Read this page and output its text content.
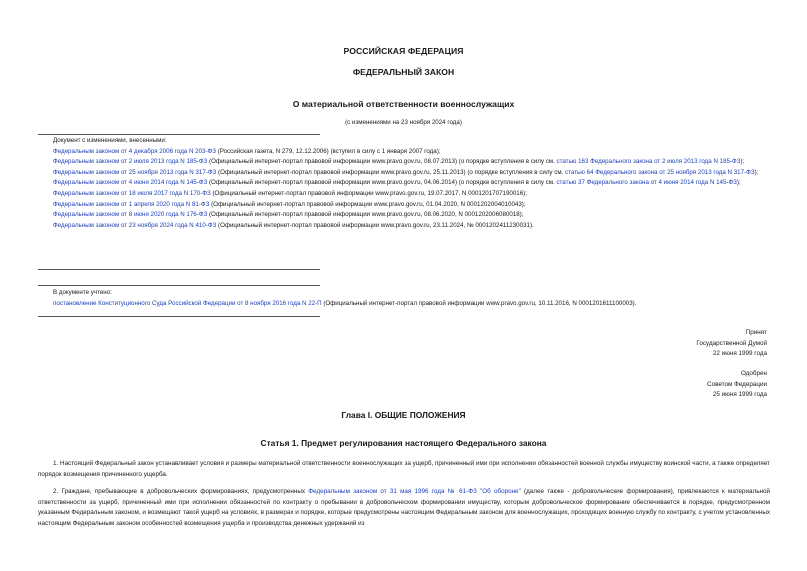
РОССИЙСКАЯ ФЕДЕРАЦИЯ
ФЕДЕРАЛЬНЫЙ ЗАКОН
О материальной ответственности военнослужащих
(с изменениями на 23 ноября 2024 года)

Документ с изменениями, внесенными:

Федеральным законом от 4 декабря 2006 года N 203-ФЗ (Российская газета, N 279, 12.12.2006) (вступил в силу с 1 января 2007 года);

Федеральным законом от 2 июля 2013 года N 185-ФЗ (Официальный интернет-портал правовой информации www.pravo.gov.ru, 08.07.2013) (о порядке вступления в силу см. статью 163 Федерального закона от 2 июля 2013 года N 185-ФЗ);

Федеральным законом от 25 ноября 2013 года N 317-ФЗ (Официальный интернет-портал правовой информации www.pravo.gov.ru, 25.11.2013) (о порядке вступления в силу см. статью 64 Федерального закона от 25 ноября 2013 года N 317-ФЗ);

Федеральным законом от 4 июня 2014 года N 145-ФЗ (Официальный интернет-портал правовой информации www.pravo.gov.ru, 04.06.2014) (о порядке вступления в силу см. статью 37 Федерального закона от 4 июня 2014 года N 145-ФЗ);

Федеральным законом от 18 июля 2017 года N 170-ФЗ (Официальный интернет-портал правовой информации www.pravo.gov.ru, 19.07.2017, N 0001201707190016);

Федеральным законом от 1 апреля 2020 года N 81-ФЗ (Официальный интернет-портал правовой информации www.pravo.gov.ru, 01.04.2020, N 0001202004010043);

Федеральным законом от 8 июня 2020 года N 176-ФЗ (Официальный интернет-портал правовой информации www.pravo.gov.ru, 08.06.2020, N 0001202006080018);

Федеральным законом от 23 ноября 2024 года N 410-ФЗ (Официальный интернет-портал правовой информации www.pravo.gov.ru, 23.11.2024, № 0001202411230031).

В документе учтено:

постановление Конституционного Суда Российской Федерации от 8 ноября 2016 года N 22-П (Официальный интернет-портал правовой информации www.pravo.gov.ru, 10.11.2016, N 0001201611100003).

Принят
Государственной Думой
22 июня 1999 года
Одобрен
Советом Федерации
25 июня 1999 года
Глава I. ОБЩИЕ ПОЛОЖЕНИЯ
Статья 1. Предмет регулирования настоящего Федерального закона

1. Настоящий Федеральный закон устанавливает условия и размеры материальной ответственности военнослужащих за ущерб, причиненный ими при исполнении обязанностей военной службы имуществу воинской части, а также определяет порядок возмещения причиненного ущерба.

2. Граждане, пребывающие в добровольческих формированиях, предусмотренных Федеральным законом от 31 мая 1996 года № 61-ФЗ "Об обороне" (далее также - добровольческие формирования), привлекаются к материальной ответственности за ущерб, причиненный ими при исполнении обязанностей по контракту о пребывании в добровольческом формировании имуществу, которым добровольческое формирование обеспечивается в порядке, предусмотренном указанным Федеральным законом, и возмещают такой ущерб на условиях, в размерах и порядке, которые предусмотрены настоящим Федеральным законом для военнослужащих, проходящих военную службу по контракту, с учетом установленных настоящим Федеральным законом особенностей возмещения ущерба и производства денежных удержаний из
